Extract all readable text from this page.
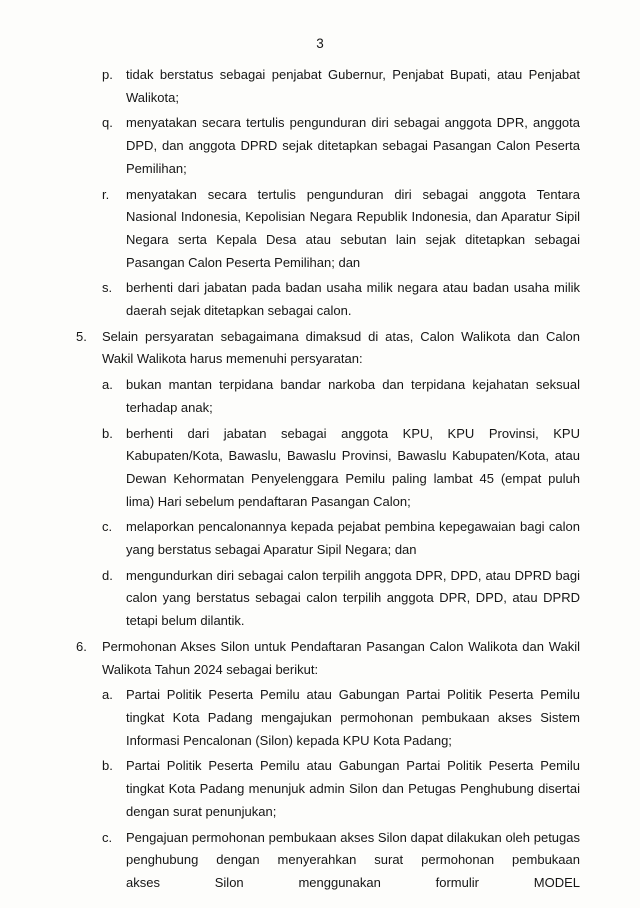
3
p.	tidak berstatus sebagai penjabat Gubernur, Penjabat Bupati, atau Penjabat Walikota;
q.	menyatakan secara tertulis pengunduran diri sebagai anggota DPR, anggota DPD, dan anggota DPRD sejak ditetapkan sebagai Pasangan Calon Peserta Pemilihan;
r.	menyatakan secara tertulis pengunduran diri sebagai anggota Tentara Nasional Indonesia, Kepolisian Negara Republik Indonesia, dan Aparatur Sipil Negara serta Kepala Desa atau sebutan lain sejak ditetapkan sebagai Pasangan Calon Peserta Pemilihan; dan
s.	berhenti dari jabatan pada badan usaha milik negara atau badan usaha milik daerah sejak ditetapkan sebagai calon.
5.	Selain persyaratan sebagaimana dimaksud di atas, Calon Walikota dan Calon Wakil Walikota harus memenuhi persyaratan:
a.	bukan mantan terpidana bandar narkoba dan terpidana kejahatan seksual terhadap anak;
b.	berhenti dari jabatan sebagai anggota KPU, KPU Provinsi, KPU Kabupaten/Kota, Bawaslu, Bawaslu Provinsi, Bawaslu Kabupaten/Kota, atau Dewan Kehormatan Penyelenggara Pemilu paling lambat 45 (empat puluh lima) Hari sebelum pendaftaran Pasangan Calon;
c.	melaporkan pencalonannya kepada pejabat pembina kepegawaian bagi calon yang berstatus sebagai Aparatur Sipil Negara; dan
d.	mengundurkan diri sebagai calon terpilih anggota DPR, DPD, atau DPRD bagi calon yang berstatus sebagai calon terpilih anggota DPR, DPD, atau DPRD tetapi belum dilantik.
6.	Permohonan Akses Silon untuk Pendaftaran Pasangan Calon Walikota dan Wakil Walikota Tahun 2024 sebagai berikut:
a.	Partai Politik Peserta Pemilu atau Gabungan Partai Politik Peserta Pemilu tingkat Kota Padang mengajukan permohonan pembukaan akses Sistem Informasi Pencalonan (Silon) kepada KPU Kota Padang;
b.	Partai Politik Peserta Pemilu atau Gabungan Partai Politik Peserta Pemilu tingkat Kota Padang menunjuk admin Silon dan Petugas Penghubung disertai dengan surat penunjukan;
c.	Pengajuan permohonan pembukaan akses Silon dapat dilakukan oleh petugas penghubung dengan menyerahkan surat permohonan pembukaan
akses	Silon	menggunakan	formulir	MODEL
